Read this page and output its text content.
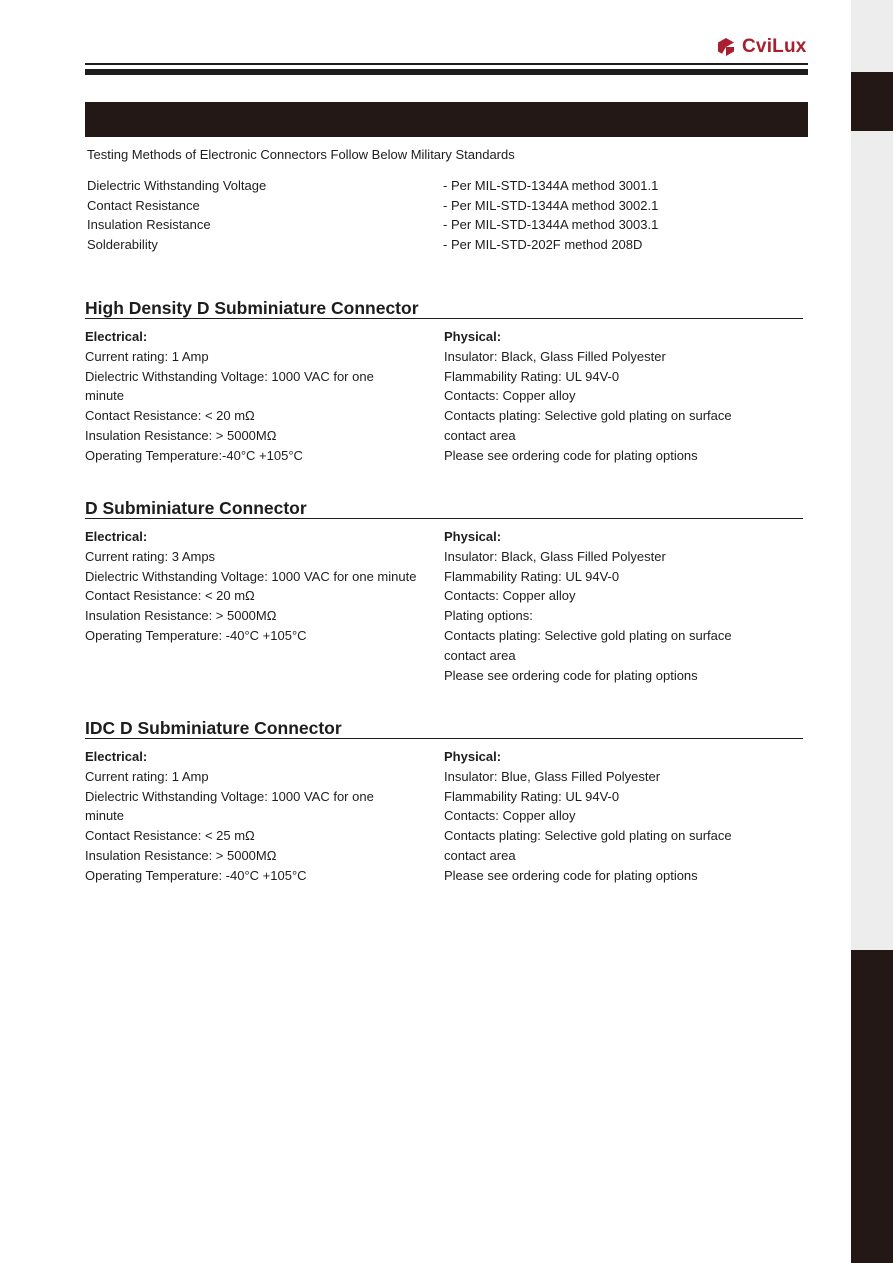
CviLux
Testing Methods of Electronic Connectors Follow Below Military Standards
Dielectric Withstanding Voltage	- Per MIL-STD-1344A method 3001.1
Contact Resistance	- Per MIL-STD-1344A method 3002.1
Insulation Resistance	- Per MIL-STD-1344A method 3003.1
Solderability	- Per MIL-STD-202F method 208D
High Density D Subminiature Connector
Electrical:
Current rating: 1 Amp
Dielectric Withstanding Voltage: 1000 VAC for one
minute
Contact Resistance: < 20 mΩ
Insulation Resistance: > 5000MΩ
Operating Temperature:-40°C +105°C
Physical:
Insulator: Black, Glass Filled Polyester
Flammability Rating: UL 94V-0
Contacts: Copper alloy
Contacts plating: Selective gold plating on surface
contact area
Please see ordering code for plating options
D Subminiature Connector
Electrical:
Current rating: 3 Amps
Dielectric Withstanding Voltage: 1000 VAC for one minute
Contact Resistance: < 20 mΩ
Insulation Resistance: > 5000MΩ
Operating Temperature: -40°C +105°C
Physical:
Insulator: Black, Glass Filled Polyester
Flammability Rating: UL 94V-0
Contacts: Copper alloy
Plating options:
Contacts plating: Selective gold plating on surface
contact area
Please see ordering code for plating options
IDC D Subminiature Connector
Electrical:
Current rating: 1 Amp
Dielectric Withstanding Voltage: 1000 VAC for one
minute
Contact Resistance: < 25 mΩ
Insulation Resistance: > 5000MΩ
Operating Temperature: -40°C +105°C
Physical:
Insulator: Blue, Glass Filled Polyester
Flammability Rating: UL 94V-0
Contacts: Copper alloy
Contacts plating: Selective gold plating on surface
contact area
Please see ordering code for plating options
